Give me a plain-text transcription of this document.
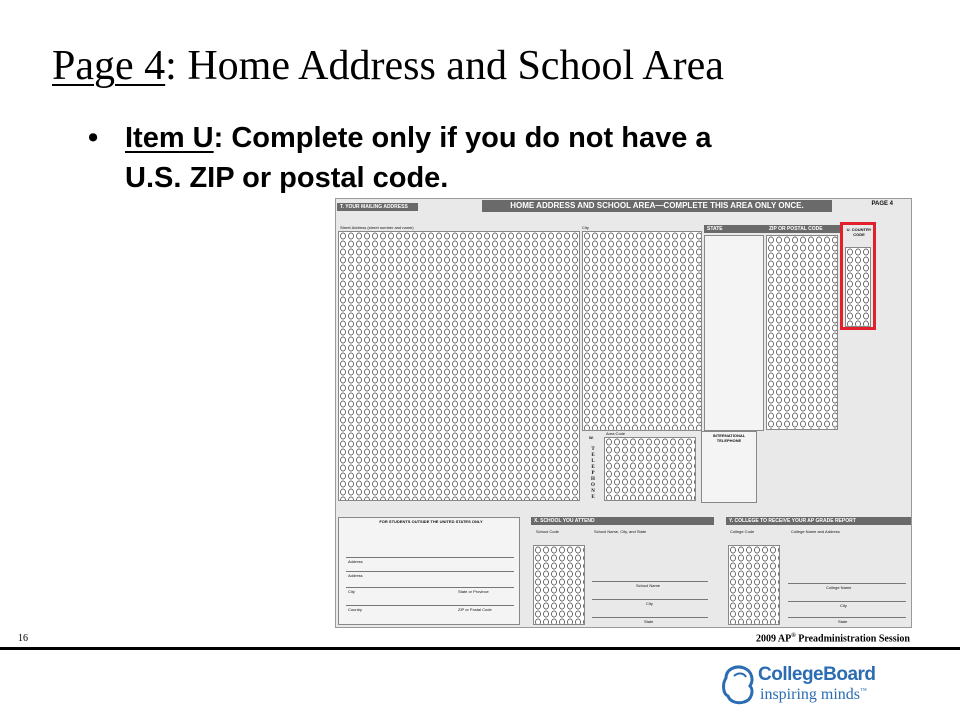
Page 4: Home Address and School Area
• Item U: Complete only if you do not have a U.S. ZIP or postal code.
HOME ADDRESS AND SCHOOL AREA—COMPLETE THIS AREA ONLY ONCE.	PAGE 4
T. YOUR MAILING ADDRESS
Street Address (street number and name)	City	STATE	ZIP OR POSTAL CODE	U. COUNTRY CODE
W.
Area Code	INTERNATIONAL TELEPHONE
FOR STUDENTS OUTSIDE THE UNITED STATES ONLY
Address
Address
City	State or Province
Country	ZIP or Postal Code
X. SCHOOL YOU ATTEND
School Code	School Name, City, and State
School Name
City
State
Y. COLLEGE TO RECEIVE YOUR AP GRADE REPORT
College Code	College Name and Address
College Name
City
State
TELEPHONE
16	2009 AP® Preadministration Session
CollegeBoard
inspiring minds™
